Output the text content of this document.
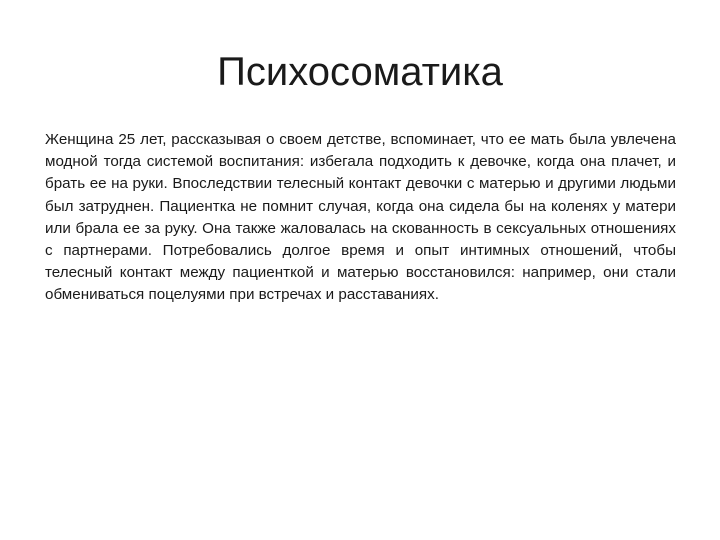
Психосоматика

Женщина 25 лет, рассказывая о своем детстве, вспоминает, что ее мать была увлечена модной тогда системой воспитания: избегала подходить к девочке, когда она плачет, и брать ее на руки. Впоследствии телесный контакт девочки с матерью и другими людьми был затруднен. Пациентка не помнит случая, когда она сидела бы на коленях у матери или брала ее за руку. Она также жаловалась на скованность в сексуальных отношениях с партнерами. Потребовались долгое время и опыт интимных отношений, чтобы телесный контакт между пациенткой и матерью восстановился: например, они стали обмениваться поцелуями при встречах и расставаниях.
